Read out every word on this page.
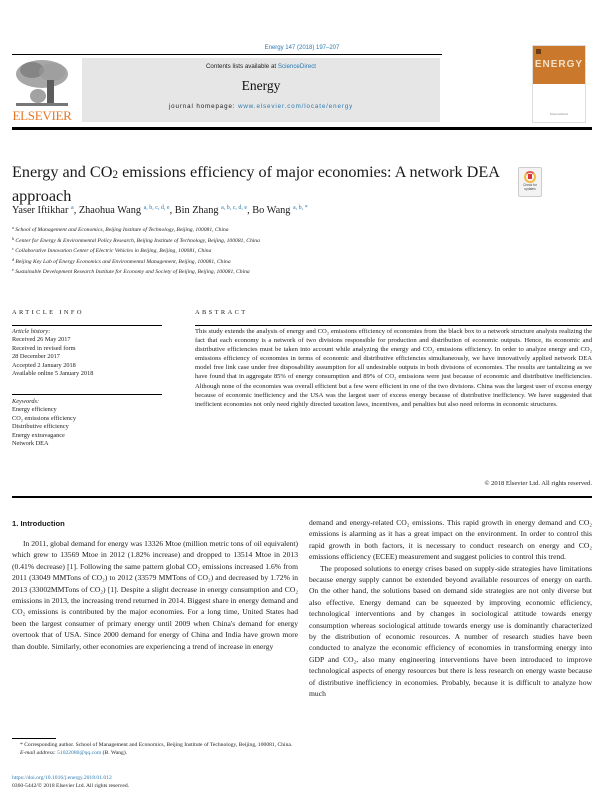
Energy 147 (2018) 197–207
ELSEVIER
Contents lists available at ScienceDirect
Energy
journal homepage: www.elsevier.com/locate/energy
ENERGY
ScienceDirect
Energy and $CO_2$ emissions efficiency of major economies: A network DEA approach
Check for
updates
Yaser Iftikhar $^a$, Zhaohua Wang $^{a, b, c, d, e}$, Bin Zhang $^{a, b, c, d, e}$, Bo Wang $^{a, b, *}$
$^a$ School of Management and Economics, Beijing Institute of Technology, Beijing, 100081, China
$^b$ Center for Energy & Environmental Policy Research, Beijing Institute of Technology, Beijing, 100081, China
$^c$ Collaborative Innovation Center of Electric Vehicles in Beijing, Beijing, 100081, China
$^d$ Beijing Key Lab of Energy Economics and Environmental Management, Beijing, 100081, China
$^e$ Sustainable Development Research Institute for Economy and Society of Beijing, Beijing, 100081, China
ARTICLE INFO
Article history:
Received 26 May 2017
Received in revised form
28 December 2017
Accepted 2 January 2018
Available online 5 January 2018
Keywords:
Energy efficiency
CO₂ emissions efficiency
Distributive efficiency
Energy extravagance
Network DEA
ABSTRACT
This study extends the analysis of energy and CO₂ emissions efficiency of economies from the black box to a network structure analysis realizing the fact that each economy is a network of two divisions responsible for production and distribution of economic outputs. Hence, its economic and distributive efficiencies must be taken into account while analyzing the energy and CO₂ emissions efficiency. In order to analyze energy and CO₂ emissions efficiency of economies in terms of economic and distributive efficiencies simultaneously, we have innovatively applied network DEA model free link case under free disposability assumption for all undesirable outputs in both divisions of economies. The results are tantalizing as we have found that in aggregate 85% of energy consumption and 89% of CO₂ emissions were just because of economic and distributive inefficiencies. Although none of the economies was overall efficient but a few were efficient in one of the two divisions. China was the largest user of excess energy because of economic inefficiency and the USA was the largest user of excess energy because of distributive inefficiency. We have suggested that inefficient economies not only need rightly directed taxation laws, incentives, and penalties but also need reforms in economic structures.
© 2018 Elsevier Ltd. All rights reserved.
1. Introduction

In 2011, global demand for energy was 13326 Mtoe (million metric tons of oil equivalent) which grew to 13569 Mtoe in 2012 (1.82% increase) and dropped to 13514 Mtoe in 2013 (0.41% decrease) [1]. Following the same pattern global CO₂ emissions increased 1.6% from 2011 (33049 MMTons of CO₂) to 2012 (33579 MMTons of CO₂) and decreased by 1.72% in 2013 (33002MMTons of CO₂) [1]. Despite a slight decrease in energy consumption and CO₂ emissions in 2013, the increasing trend returned in 2014. Biggest share in energy demand and CO₂ emissions is contributed by the major economies. For a long time, United States had been the largest consumer of primary energy until 2009 when China's demand for energy overtook that of USA. Since 2000 demand for energy of China and India have grown more than double. Similarly, other economies are experiencing a trend of increase in energy

demand and energy-related CO₂ emissions. This rapid growth in energy demand and CO₂ emissions is alarming as it has a great impact on the environment. In order to control this rapid growth in both factors, it is necessary to conduct research on energy and CO₂ emissions efficiency (ECEE) measurement and suggest policies to control this trend.

The proposed solutions to energy crises based on supply-side strategies have limitations because energy supply cannot be extended beyond available resources of energy on earth. On the other hand, the solutions based on demand side strategies are not only diverse but also effective. Energy demand can be squeezed by improving economic efficiency, technological interventions and by changes in sociological attitude towards energy consumption whereas sociological attitude towards energy use is dominantly characterized by the distribution of economic resources. A number of research studies have been conducted to analyze the economic efficiency of economies in transforming energy into GDP and CO₂, also many engineering interventions have been introduced to improve technological aspects of energy resources but there is less research on energy waste because of distributive inefficiency in economies. Probably, because it is difficult to analyze how much

* Corresponding author. School of Management and Economics, Beijing Institute of Technology, Beijing, 100081, China.
E-mail address: 51022080@qq.com (B. Wang).
https://doi.org/10.1016/j.energy.2018.01.012
0360-5442/© 2018 Elsevier Ltd. All rights reserved.
